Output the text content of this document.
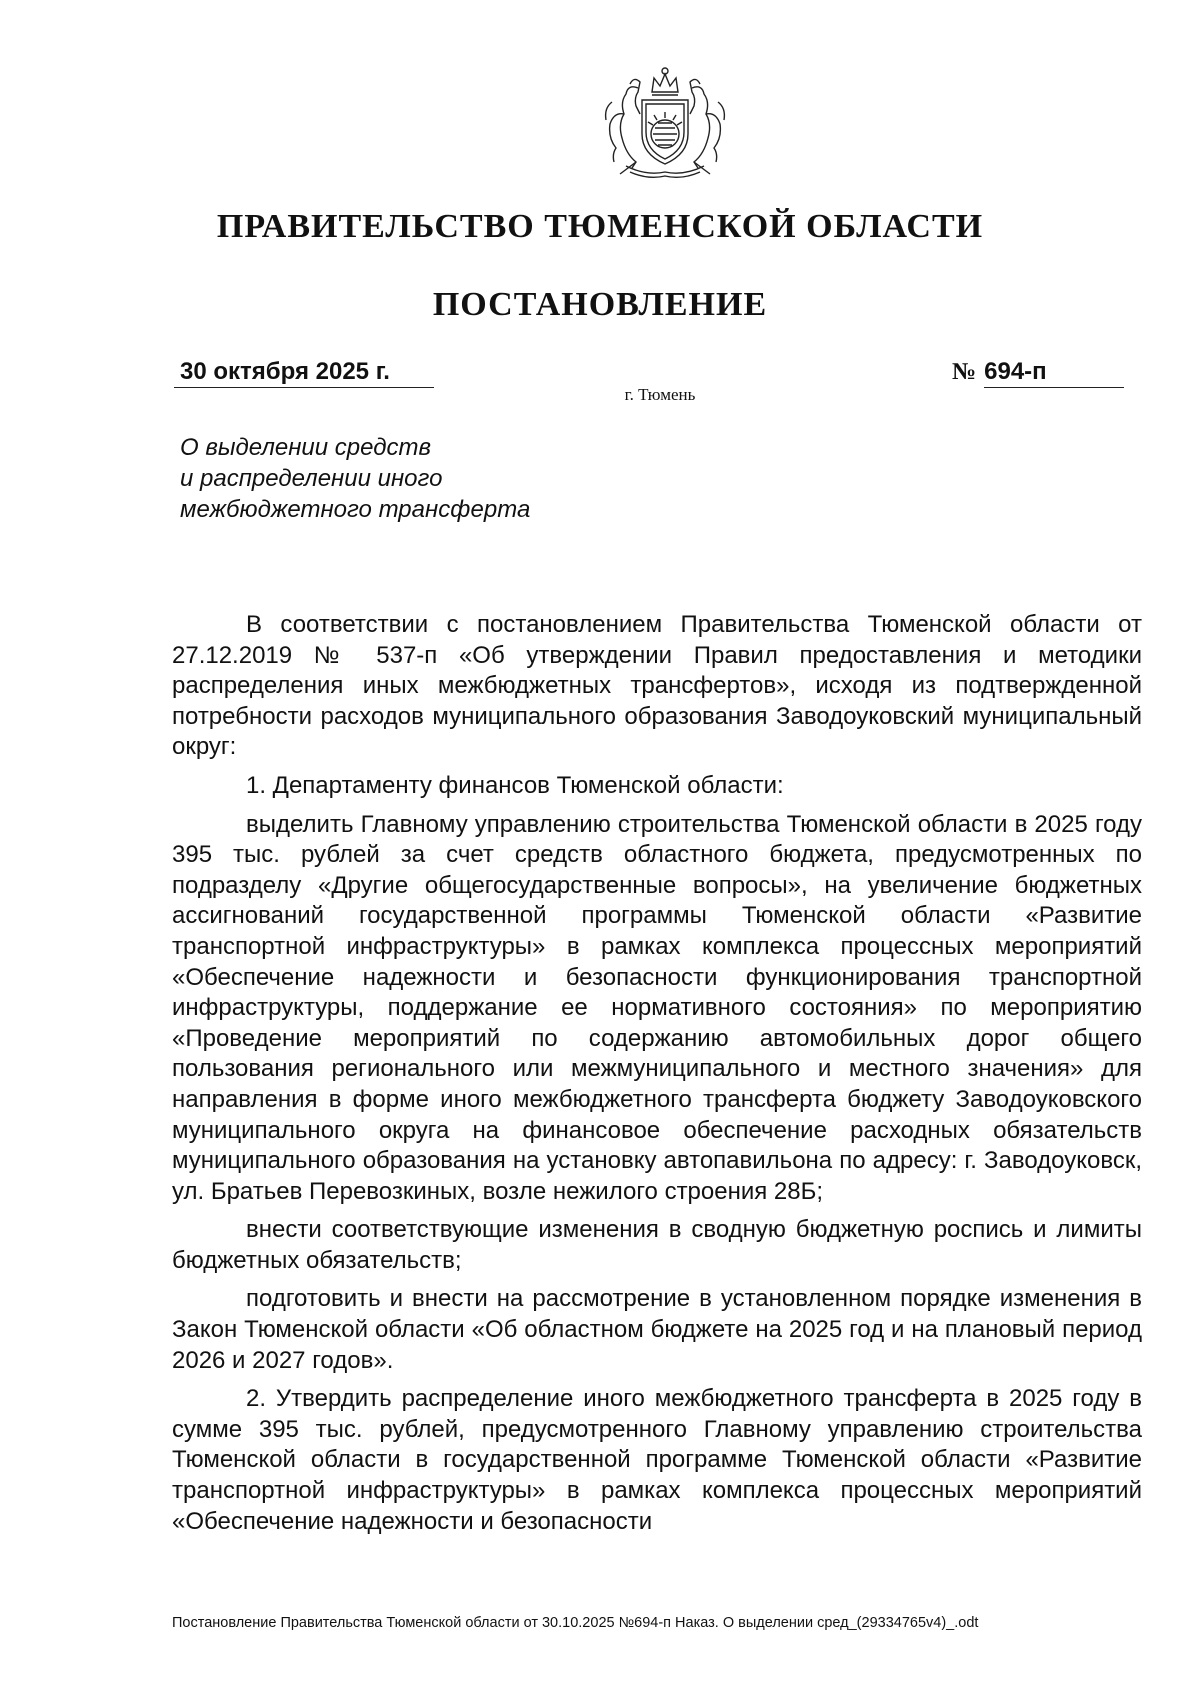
ПРАВИТЕЛЬСТВО ТЮМЕНСКОЙ ОБЛАСТИ
ПОСТАНОВЛЕНИЕ
30 октября 2025 г.	№ 694-п
г. Тюмень
О выделении средств
и распределении иного
межбюджетного трансферта

В соответствии с постановлением Правительства Тюменской области от 27.12.2019 № 537-п «Об утверждении Правил предоставления и методики распределения иных межбюджетных трансфертов», исходя из подтвержденной потребности расходов муниципального образования Заводоуковский муниципальный округ:

1. Департаменту финансов Тюменской области:

выделить Главному управлению строительства Тюменской области в 2025 году 395 тыс. рублей за счет средств областного бюджета, предусмотренных по подразделу «Другие общегосударственные вопросы», на увеличение бюджетных ассигнований государственной программы Тюменской области «Развитие транспортной инфраструктуры» в рамках комплекса процессных мероприятий «Обеспечение надежности и безопасности функционирования транспортной инфраструктуры, поддержание ее нормативного состояния» по мероприятию «Проведение мероприятий по содержанию автомобильных дорог общего пользования регионального или межмуниципального и местного значения» для направления в форме иного межбюджетного трансферта бюджету Заводоуковского муниципального округа на финансовое обеспечение расходных обязательств муниципального образования на установку автопавильона по адресу: г. Заводоуковск, ул. Братьев Перевозкиных, возле нежилого строения 28Б;

внести соответствующие изменения в сводную бюджетную роспись и лимиты бюджетных обязательств;

подготовить и внести на рассмотрение в установленном порядке изменения в Закон Тюменской области «Об областном бюджете на 2025 год и на плановый период 2026 и 2027 годов».

2. Утвердить распределение иного межбюджетного трансферта в 2025 году в сумме 395 тыс. рублей, предусмотренного Главному управлению строительства Тюменской области в государственной программе Тюменской области «Развитие транспортной инфраструктуры» в рамках комплекса процессных мероприятий «Обеспечение надежности и безопасности

Постановление Правительства Тюменской области от 30.10.2025 №694-п Наказ. О выделении сред_(29334765v4)_.odt
